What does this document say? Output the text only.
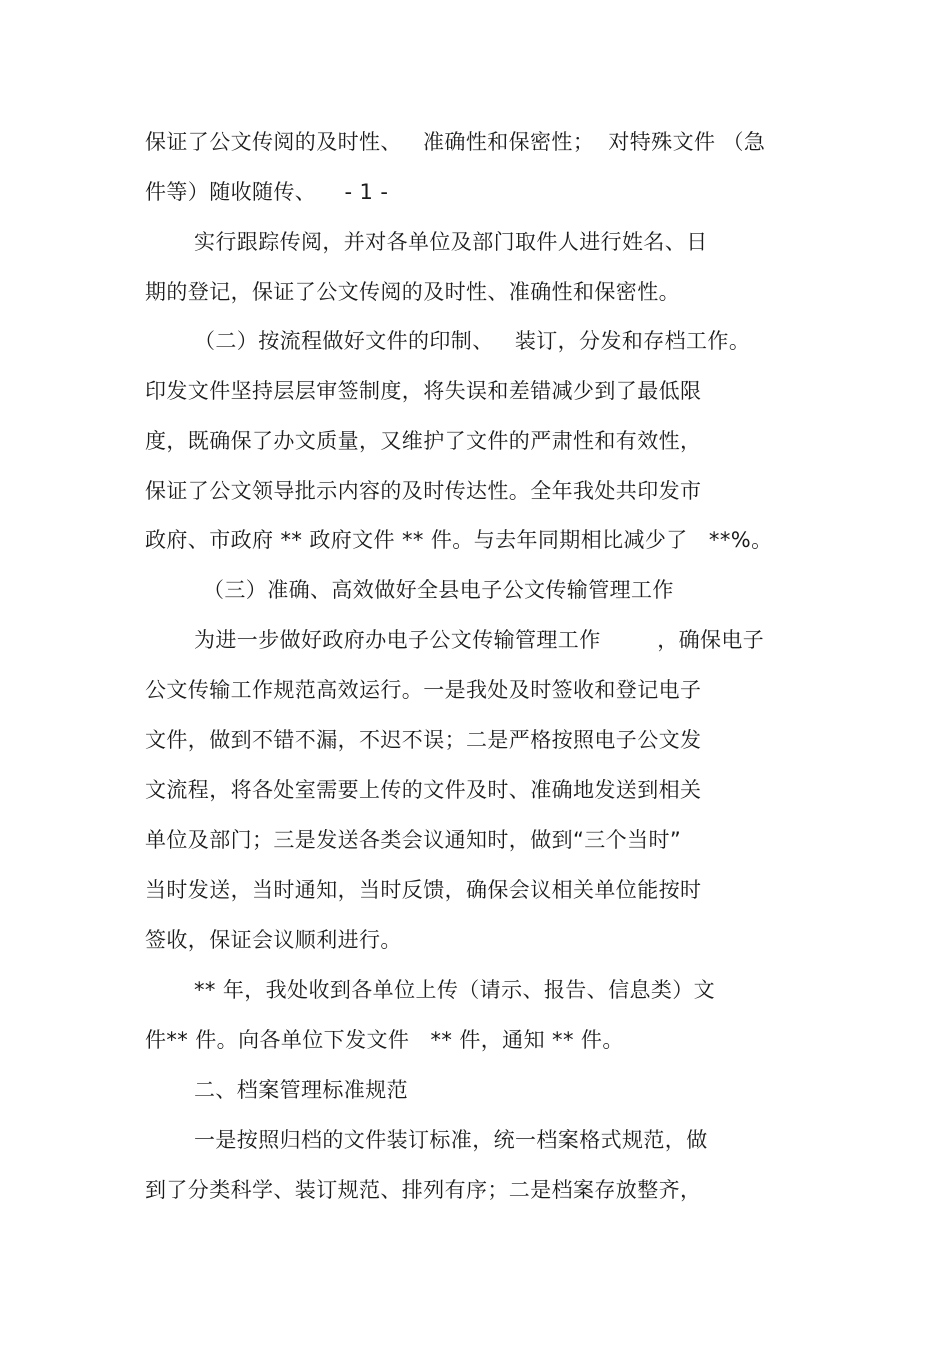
保证了公文传阅的及时性、   准确性和保密性；  对特殊文件 （急
件等）随收随传、    - 1 -
实行跟踪传阅，并对各单位及部门取件人进行姓名、日
期的登记，保证了公文传阅的及时性、准确性和保密性。
（二）按流程做好文件的印制、   装订，分发和存档工作。
印发文件坚持层层审签制度，将失误和差错减少到了最低限
度，既确保了办文质量，又维护了文件的严肃性和有效性，
保证了公文领导批示内容的及时传达性。全年我处共印发市
政府、市政府 ** 政府文件 ** 件。与去年同期相比减少了   **%。
（三）准确、高效做好全县电子公文传输管理工作
为进一步做好政府办电子公文传输管理工作        ，确保电子
公文传输工作规范高效运行。一是我处及时签收和登记电子
文件，做到不错不漏，不迟不误；二是严格按照电子公文发
文流程，将各处室需要上传的文件及时、准确地发送到相关
单位及部门；三是发送各类会议通知时，做到“三个当时”
当时发送，当时通知，当时反馈，确保会议相关单位能按时
签收，保证会议顺利进行。
** 年，我处收到各单位上传（请示、报告、信息类）文
件** 件。向各单位下发文件   ** 件，通知 ** 件。
二、档案管理标准规范
一是按照归档的文件装订标准，统一档案格式规范，做
到了分类科学、装订规范、排列有序；二是档案存放整齐，
